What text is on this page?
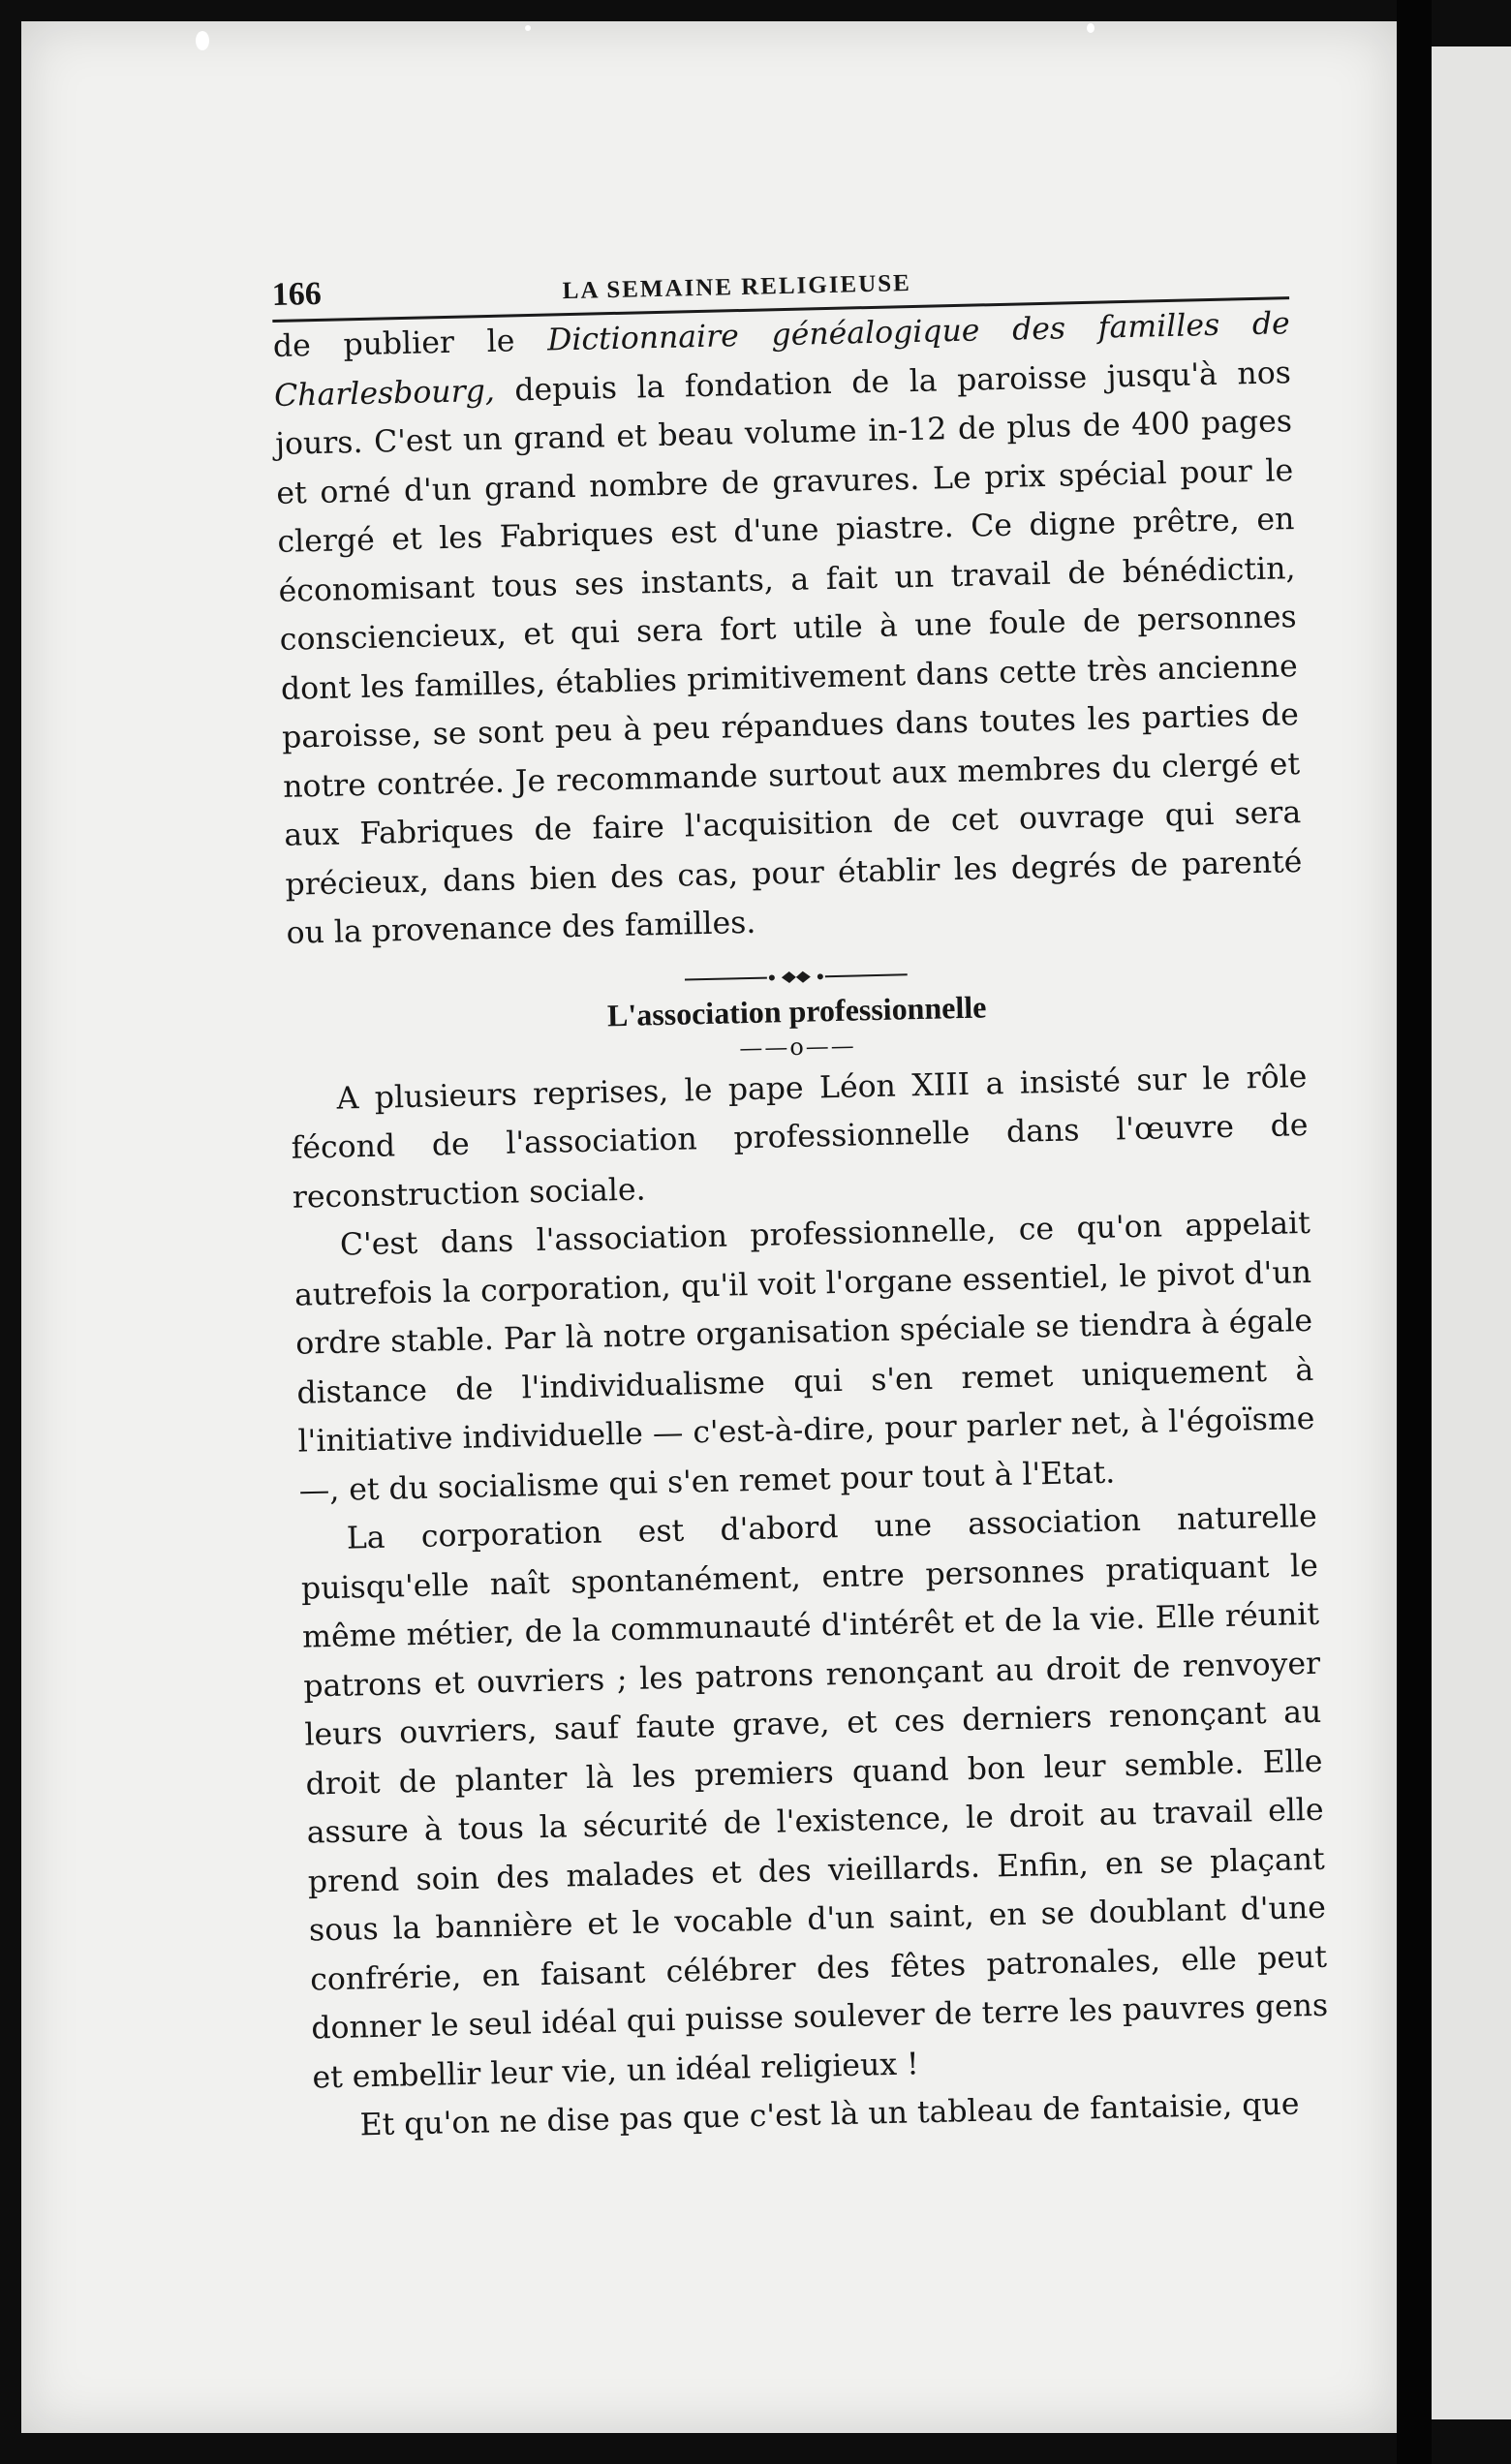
166	LA SEMAINE RELIGIEUSE

de publier le Dictionnaire généalogique des familles de Charlesbourg, depuis la fondation de la paroisse jusqu'à nos jours. C'est un grand et beau volume in-12 de plus de 400 pages et orné d'un grand nombre de gravures. Le prix spécial pour le clergé et les Fabriques est d'une piastre. Ce digne prêtre, en économisant tous ses instants, a fait un travail de bénédictin, consciencieux, et qui sera fort utile à une foule de personnes dont les familles, établies primitivement dans cette très ancienne paroisse, se sont peu à peu répandues dans toutes les parties de notre contrée. Je recommande surtout aux membres du clergé et aux Fabriques de faire l'acquisition de cet ouvrage qui sera précieux, dans bien des cas, pour établir les degrés de parenté ou la provenance des familles.

L'association professionnelle
——o——

A plusieurs reprises, le pape Léon XIII a insisté sur le rôle fécond de l'association professionnelle dans l'œuvre de reconstruction sociale.

C'est dans l'association professionnelle, ce qu'on appelait autrefois la corporation, qu'il voit l'organe essentiel, le pivot d'un ordre stable. Par là notre organisation spéciale se tiendra à égale distance de l'individualisme qui s'en remet uniquement à l'initiative individuelle — c'est-à-dire, pour parler net, à l'égoïsme —, et du socialisme qui s'en remet pour tout à l'Etat.

La corporation est d'abord une association naturelle puisqu'elle naît spontanément, entre personnes pratiquant le même métier, de la communauté d'intérêt et de la vie. Elle réunit patrons et ouvriers ; les patrons renonçant au droit de renvoyer leurs ouvriers, sauf faute grave, et ces derniers renonçant au droit de planter là les premiers quand bon leur semble. Elle assure à tous la sécurité de l'existence, le droit au travail elle prend soin des malades et des vieillards. Enfin, en se plaçant sous la bannière et le vocable d'un saint, en se doublant d'une confrérie, en faisant célébrer des fêtes patronales, elle peut donner le seul idéal qui puisse soulever de terre les pauvres gens et embellir leur vie, un idéal religieux !

Et qu'on ne dise pas que c'est là un tableau de fantaisie, que
